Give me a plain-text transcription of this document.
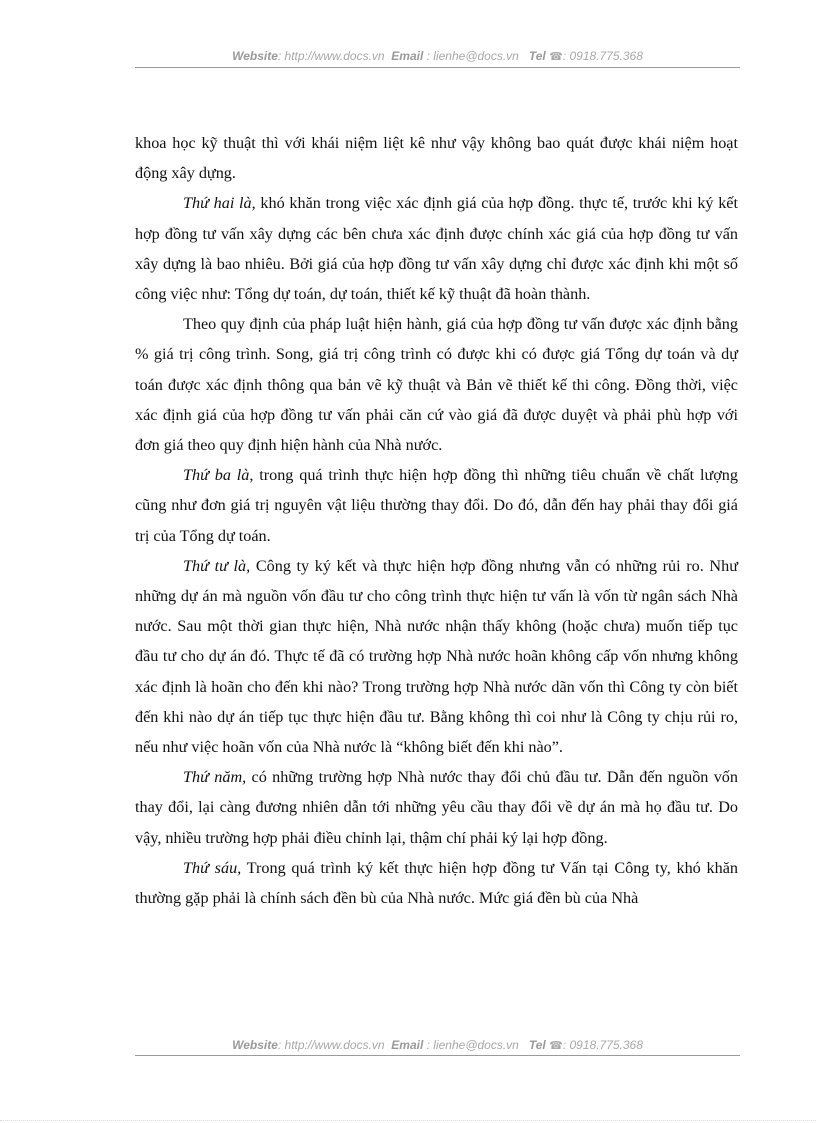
Website: http://www.docs.vn Email : lienhe@docs.vn Tel ☎: 0918.775.368

khoa học kỹ thuật thì với khái niệm liệt kê như vậy không bao quát được khái niệm hoạt động xây dựng.

Thứ hai là, khó khăn trong việc xác định giá của hợp đồng. thực tế, trước khi ký kết hợp đồng tư vấn xây dựng các bên chưa xác định được chính xác giá của hợp đồng tư vấn xây dựng là bao nhiêu. Bởi giá của hợp đồng tư vấn xây dựng chỉ được xác định khi một số công việc như: Tổng dự toán, dự toán, thiết kế kỹ thuật đã hoàn thành.

Theo quy định của pháp luật hiện hành, giá của hợp đồng tư vấn được xác định bằng % giá trị công trình. Song, giá trị công trình có được khi có được giá Tổng dự toán và dự toán được xác định thông qua bản vẽ kỹ thuật và Bản vẽ thiết kế thi công. Đồng thời, việc xác định giá của hợp đồng tư vấn phải căn cứ vào giá đã được duyệt và phải phù hợp với đơn giá theo quy định hiện hành của Nhà nước.

Thứ ba là, trong quá trình thực hiện hợp đồng thì những tiêu chuẩn về chất lượng cũng như đơn giá trị nguyên vật liệu thường thay đổi. Do đó, dẫn đến hay phải thay đổi giá trị của Tổng dự toán.

Thứ tư là, Công ty ký kết và thực hiện hợp đồng nhưng vẫn có những rủi ro. Như những dự án mà nguồn vốn đầu tư cho công trình thực hiện tư vấn là vốn từ ngân sách Nhà nước. Sau một thời gian thực hiện, Nhà nước nhận thấy không (hoặc chưa) muốn tiếp tục đầu tư cho dự án đó. Thực tế đã có trường hợp Nhà nước hoãn không cấp vốn nhưng không xác định là hoãn cho đến khi nào? Trong trường hợp Nhà nước dãn vốn thì Công ty còn biết đến khi nào dự án tiếp tục thực hiện đầu tư. Bằng không thì coi như là Công ty chịu rủi ro, nếu như việc hoãn vốn của Nhà nước là “không biết đến khi nào”.

Thứ năm, có những trường hợp Nhà nước thay đổi chủ đầu tư. Dẫn đến nguồn vốn thay đổi, lại càng đương nhiên dẫn tới những yêu cầu thay đổi về dự án mà họ đầu tư. Do vậy, nhiều trường hợp phải điều chỉnh lại, thậm chí phải ký lại hợp đồng.

Thứ sáu, Trong quá trình ký kết thực hiện hợp đồng tư Vấn tại Công ty, khó khăn thường gặp phải là chính sách đền bù của Nhà nước. Mức giá đền bù của Nhà

Website: http://www.docs.vn Email : lienhe@docs.vn Tel ☎: 0918.775.368
